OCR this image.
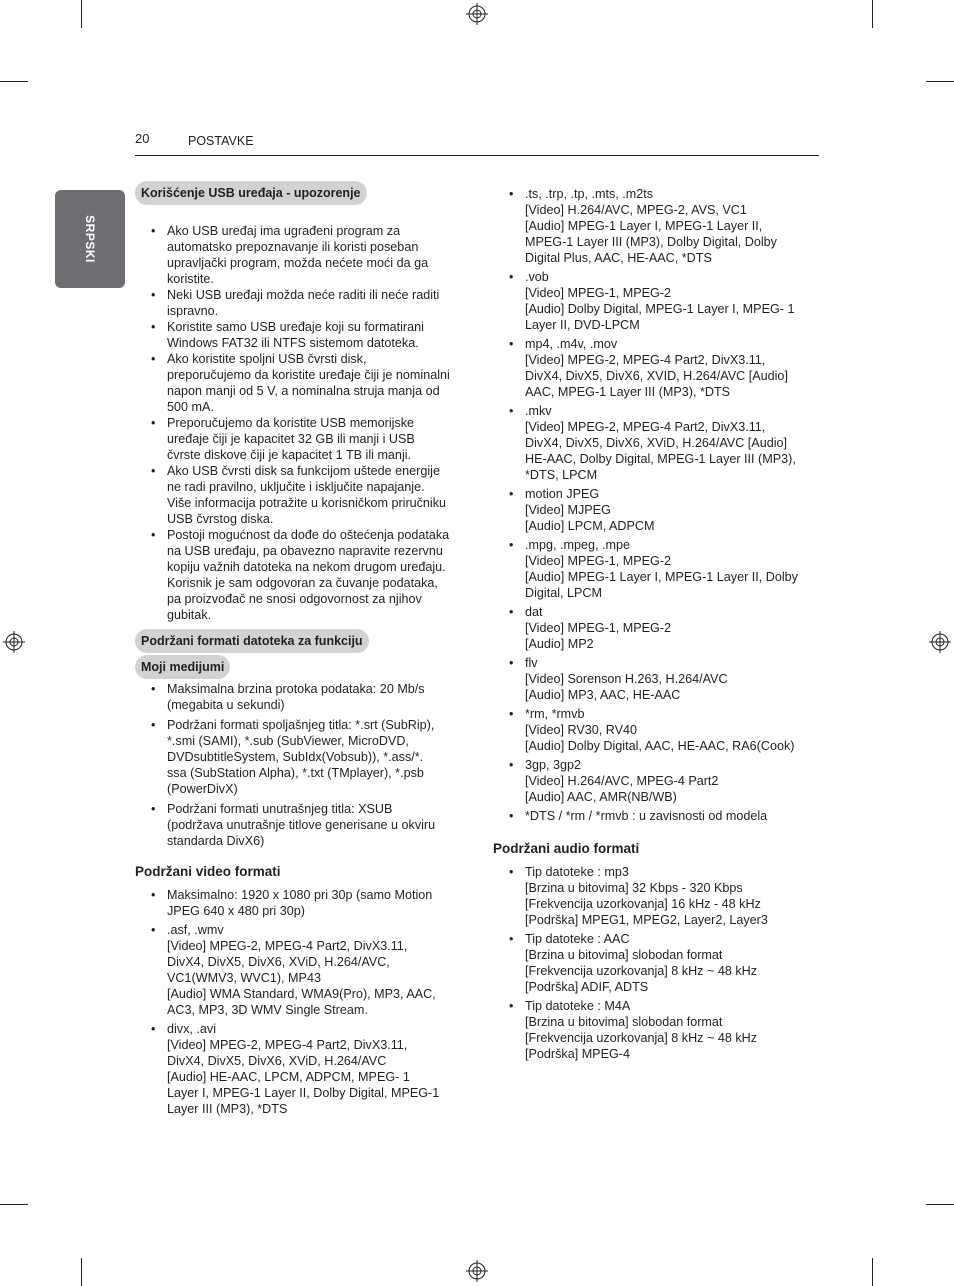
20	POSTAVKE
SRPSKI
Korišćenje USB uređaja - upozorenje
• Ako USB uređaj ima ugrađeni program za
automatsko prepoznavanje ili koristi poseban
upravljački program, možda nećete moći da ga
koristite.
• Neki USB uređaji možda neće raditi ili neće raditi
ispravno.
• Koristite samo USB uređaje koji su formatirani
Windows FAT32 ili NTFS sistemom datoteka.
• Ako koristite spoljni USB čvrsti disk,
preporučujemo da koristite uređaje čiji je nominalni
napon manji od 5 V, a nominalna struja manja od
500 mA.
• Preporučujemo da koristite USB memorijske
uređaje čiji je kapacitet 32 GB ili manji i USB
čvrste diskove čiji je kapacitet 1 TB ili manji.
• Ako USB čvrsti disk sa funkcijom uštede energije
ne radi pravilno, uključite i isključite napajanje.
Više informacija potražite u korisničkom priručniku
USB čvrstog diska.
• Postoji mogućnost da dođe do oštećenja podataka
na USB uređaju, pa obavezno napravite rezervnu
kopiju važnih datoteka na nekom drugom uređaju.
Korisnik je sam odgovoran za čuvanje podataka,
pa proizvođač ne snosi odgovornost za njihov
gubitak.
Podržani formati datoteka za funkciju
Moji medijumi
• Maksimalna brzina protoka podataka: 20 Mb/s
(megabita u sekundi)
• Podržani formati spoljašnjeg titla: *.srt (SubRip),
*.smi (SAMI), *.sub (SubViewer, MicroDVD,
DVDsubtitleSystem, SubIdx(Vobsub)), *.ass/*.
ssa (SubStation Alpha), *.txt (TMplayer), *.psb
(PowerDivX)
• Podržani formati unutrašnjeg titla: XSUB
(podržava unutrašnje titlove generisane u okviru
standarda DivX6)
Podržani video formati
• Maksimalno: 1920 x 1080 pri 30p (samo Motion
JPEG 640 x 480 pri 30p)
• .asf, .wmv
[Video] MPEG-2, MPEG-4 Part2, DivX3.11,
DivX4, DivX5, DivX6, XViD, H.264/AVC,
VC1(WMV3, WVC1), MP43
[Audio] WMA Standard, WMA9(Pro), MP3, AAC,
AC3, MP3, 3D WMV Single Stream.
• divx, .avi
[Video] MPEG-2, MPEG-4 Part2, DivX3.11,
DivX4, DivX5, DivX6, XViD, H.264/AVC
[Audio] HE-AAC, LPCM, ADPCM, MPEG- 1
Layer I, MPEG-1 Layer II, Dolby Digital, MPEG-1
Layer III (MP3), *DTS
• .ts, .trp, .tp, .mts, .m2ts
[Video] H.264/AVC, MPEG-2, AVS, VC1
[Audio] MPEG-1 Layer I, MPEG-1 Layer II,
MPEG-1 Layer III (MP3), Dolby Digital, Dolby
Digital Plus, AAC, HE-AAC, *DTS
• .vob
[Video] MPEG-1, MPEG-2
[Audio] Dolby Digital, MPEG-1 Layer I, MPEG- 1
Layer II, DVD-LPCM
• mp4, .m4v, .mov
[Video] MPEG-2, MPEG-4 Part2, DivX3.11,
DivX4, DivX5, DivX6, XVID, H.264/AVC [Audio]
AAC, MPEG-1 Layer III (MP3), *DTS
• .mkv
[Video] MPEG-2, MPEG-4 Part2, DivX3.11,
DivX4, DivX5, DivX6, XViD, H.264/AVC [Audio]
HE-AAC, Dolby Digital, MPEG-1 Layer III (MP3),
*DTS, LPCM
• motion JPEG
[Video] MJPEG
[Audio] LPCM, ADPCM
• .mpg, .mpeg, .mpe
[Video] MPEG-1, MPEG-2
[Audio] MPEG-1 Layer I, MPEG-1 Layer II, Dolby
Digital, LPCM
• dat
[Video] MPEG-1, MPEG-2
[Audio] MP2
• flv
[Video] Sorenson H.263, H.264/AVC
[Audio] MP3, AAC, HE-AAC
• *rm, *rmvb
[Video] RV30, RV40
[Audio] Dolby Digital, AAC, HE-AAC, RA6(Cook)
• 3gp, 3gp2
[Video] H.264/AVC, MPEG-4 Part2
[Audio] AAC, AMR(NB/WB)
• *DTS / *rm / *rmvb : u zavisnosti od modela
Podržani audio formati
• Tip datoteke : mp3
[Brzina u bitovima] 32 Kbps - 320 Kbps
[Frekvencija uzorkovanja] 16 kHz - 48 kHz
[Podrška] MPEG1, MPEG2, Layer2, Layer3
• Tip datoteke : AAC
[Brzina u bitovima] slobodan format
[Frekvencija uzorkovanja] 8 kHz ~ 48 kHz
[Podrška] ADIF, ADTS
• Tip datoteke : M4A
[Brzina u bitovima] slobodan format
[Frekvencija uzorkovanja] 8 kHz ~ 48 kHz
[Podrška] MPEG-4
